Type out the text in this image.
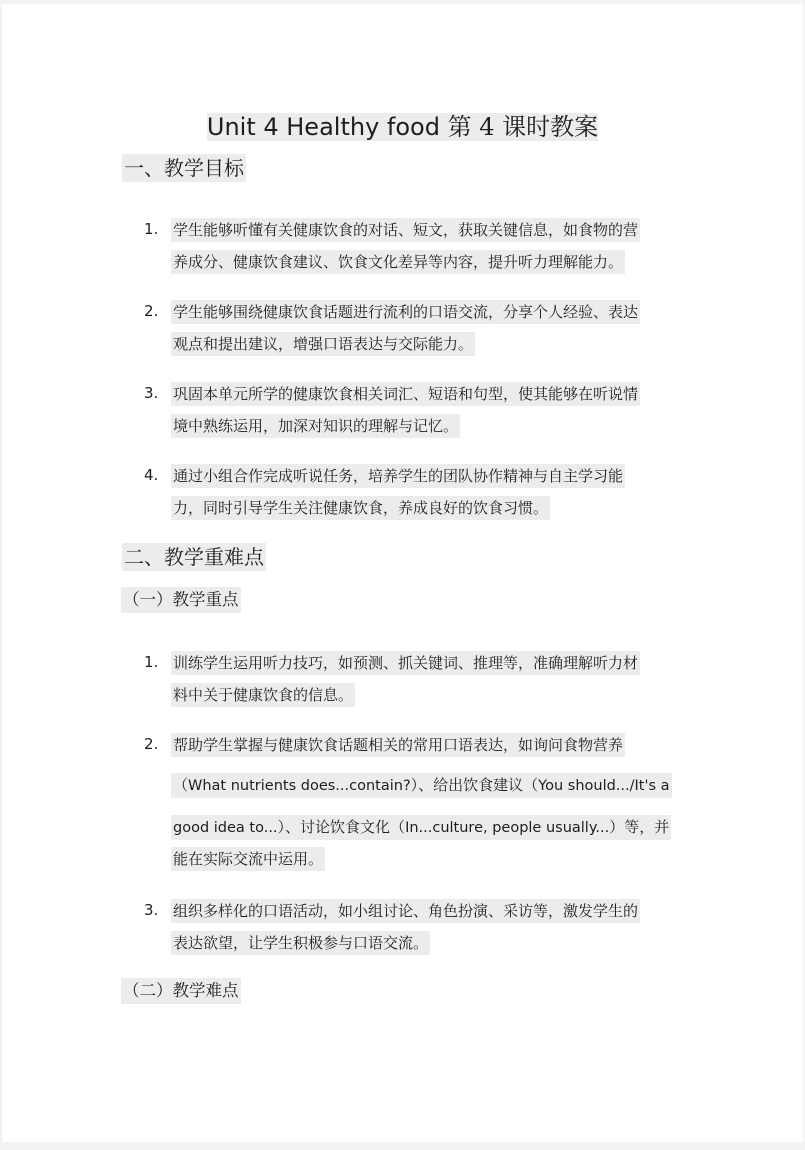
Unit 4 Healthy food 第 4 课时教案
一、教学目标
1. 学生能够听懂有关健康饮食的对话、短文，获取关键信息，如食物的营
养成分、健康饮食建议、饮食文化差异等内容，提升听力理解能力。
2. 学生能够围绕健康饮食话题进行流利的口语交流，分享个人经验、表达
观点和提出建议，增强口语表达与交际能力。
3. 巩固本单元所学的健康饮食相关词汇、短语和句型，使其能够在听说情
境中熟练运用，加深对知识的理解与记忆。
4. 通过小组合作完成听说任务，培养学生的团队协作精神与自主学习能
力，同时引导学生关注健康饮食，养成良好的饮食习惯。
二、教学重难点
（一）教学重点
1. 训练学生运用听力技巧，如预测、抓关键词、推理等，准确理解听力材
料中关于健康饮食的信息。
2. 帮助学生掌握与健康饮食话题相关的常用口语表达，如询问食物营养
（What nutrients does...contain?）、给出饮食建议（You should.../It's a
good idea to...）、讨论饮食文化（In...culture, people usually...）等，并
能在实际交流中运用。
3. 组织多样化的口语活动，如小组讨论、角色扮演、采访等，激发学生的
表达欲望，让学生积极参与口语交流。
（二）教学难点
